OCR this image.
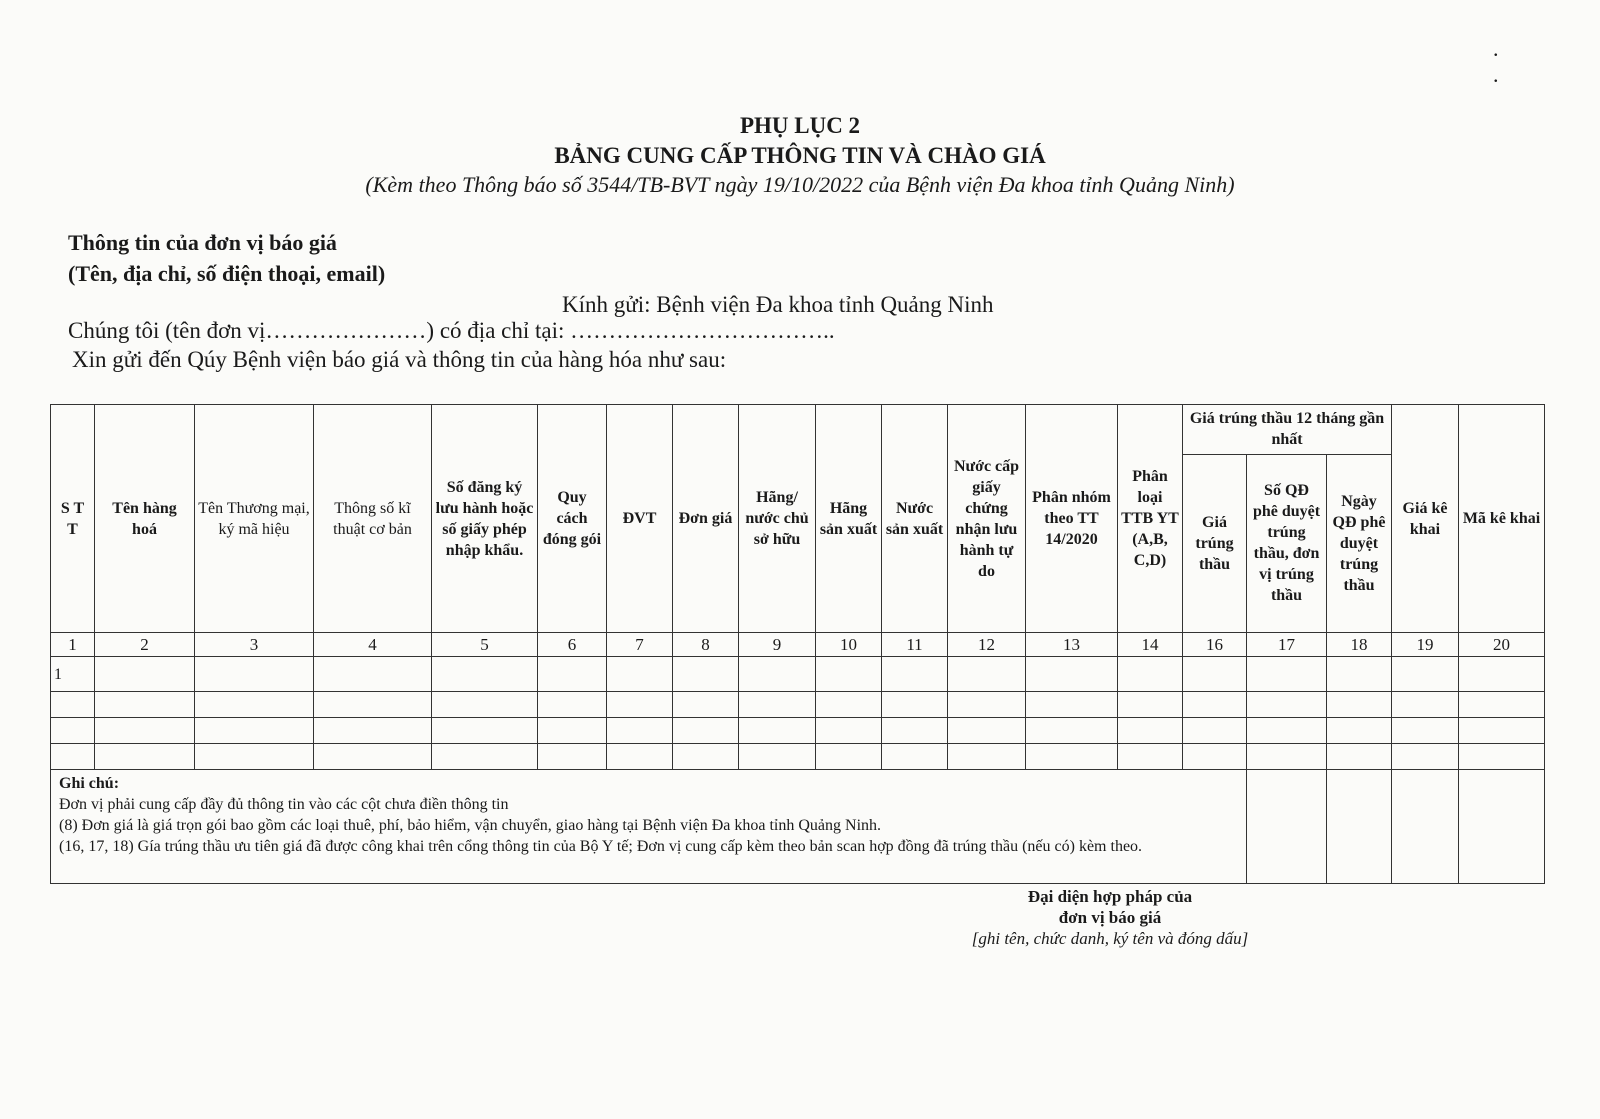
. .
PHỤ LỤC 2
BẢNG CUNG CẤP THÔNG TIN VÀ CHÀO GIÁ
(Kèm theo Thông báo số 3544/TB-BVT ngày 19/10/2022 của Bệnh viện Đa khoa tỉnh Quảng Ninh)
Thông tin của đơn vị báo giá
(Tên, địa chỉ, số điện thoại, email)
Kính gửi: Bệnh viện Đa khoa tỉnh Quảng Ninh
Chúng tôi (tên đơn vị…………………) có địa chỉ tại: ……………………………..
Xin gửi đến Qúy Bệnh viện báo giá và thông tin của hàng hóa như sau:
S T T	Tên hàng hoá	Tên Thương mại, ký mã hiệu	Thông số kĩ thuật cơ bản	Số đăng ký lưu hành hoặc số giấy phép nhập khẩu.	Quy cách đóng gói	ĐVT	Đơn giá	Hãng/ nước chủ sở hữu	Hãng sản xuất	Nước sản xuất	Nước cấp giấy chứng nhận lưu hành tự do	Phân nhóm theo TT 14/2020	Phân loại TTB YT (A,B, C,D)	Giá trúng thầu 12 tháng gần nhất			Giá kê khai	Mã kê khai
														Giá trúng thầu	Số QĐ phê duyệt trúng thầu, đơn vị trúng thầu	Ngày QĐ phê duyệt trúng thầu		
1	2	3	4	5	6	7	8	9	10	11	12	13	14	16	17	18	19	20
1																		

Ghi chú:
Đơn vị phải cung cấp đầy đủ thông tin vào các cột chưa điền thông tin
(8) Đơn giá là giá trọn gói bao gồm các loại thuê, phí, bảo hiểm, vận chuyển, giao hàng tại Bệnh viện Đa khoa tỉnh Quảng Ninh.
(16, 17, 18) Gía trúng thầu ưu tiên giá đã được công khai trên cổng thông tin của Bộ Y tế; Đơn vị cung cấp kèm theo bản scan hợp đồng đã trúng thầu (nếu có) kèm theo.																		
Đại diện hợp pháp của
đơn vị báo giá
[ghi tên, chức danh, ký tên và đóng dấu]
